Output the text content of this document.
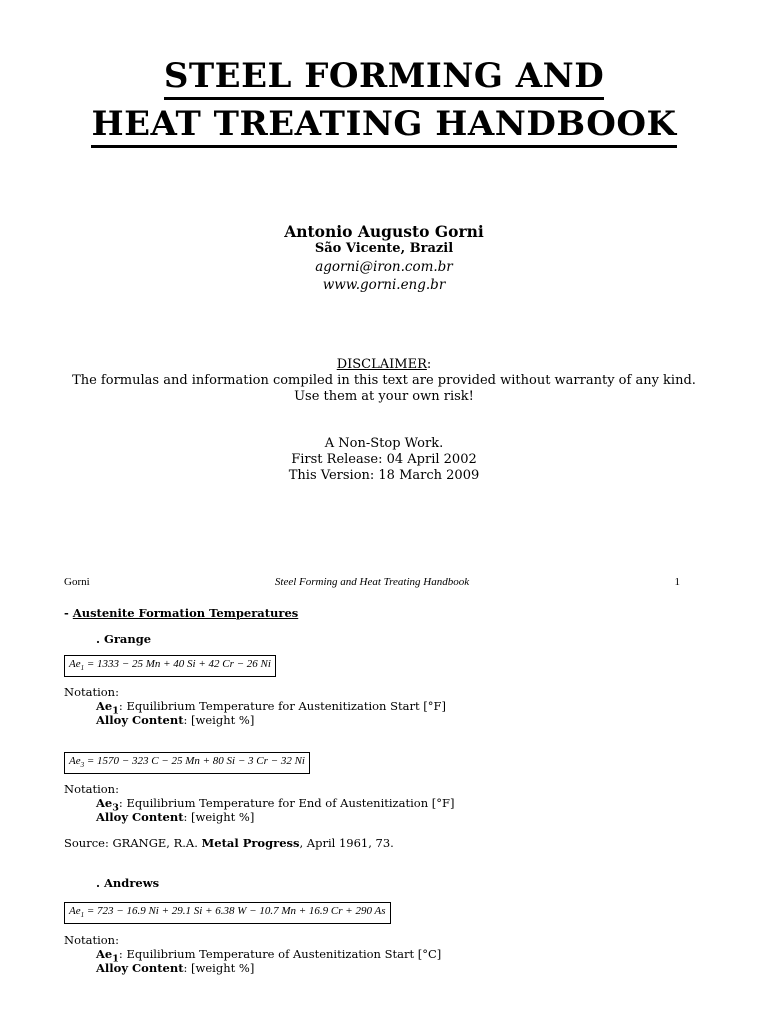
STEEL FORMING AND
HEAT TREATING HANDBOOK
Antonio Augusto Gorni
São Vicente, Brazil
agorni@iron.com.br
www.gorni.eng.br
DISCLAIMER:
The formulas and information compiled in this text are provided without warranty of any kind.
Use them at your own risk!
A Non-Stop Work.
First Release: 04 April 2002
This Version: 18 March 2009
Gorni	Steel Forming and Heat Treating Handbook	1
- Austenite Formation Temperatures
. Grange
$Ae_1 = 1333 - 25$ Mn + 40 Si + 42 Cr − 26 Ni
Notation:
$Ae_1$: Equilibrium Temperature for Austenitization Start [°F]
Alloy Content: [weight %]
$Ae_3 = 1570 - 323$ C − 25 Mn + 80 Si − 3 Cr − 32 Ni
Notation:
$Ae_3$: Equilibrium Temperature for End of Austenitization [°F]
Alloy Content: [weight %]
Source: GRANGE, R.A. Metal Progress, April 1961, 73.
. Andrews
$Ae_1 = 723 - 16.9$ Ni + 29.1 Si + 6.38 W − 10.7 Mn + 16.9 Cr + 290 As
Notation:
$Ae_1$: Equilibrium Temperature of Austenitization Start [°C]
Alloy Content: [weight %]
